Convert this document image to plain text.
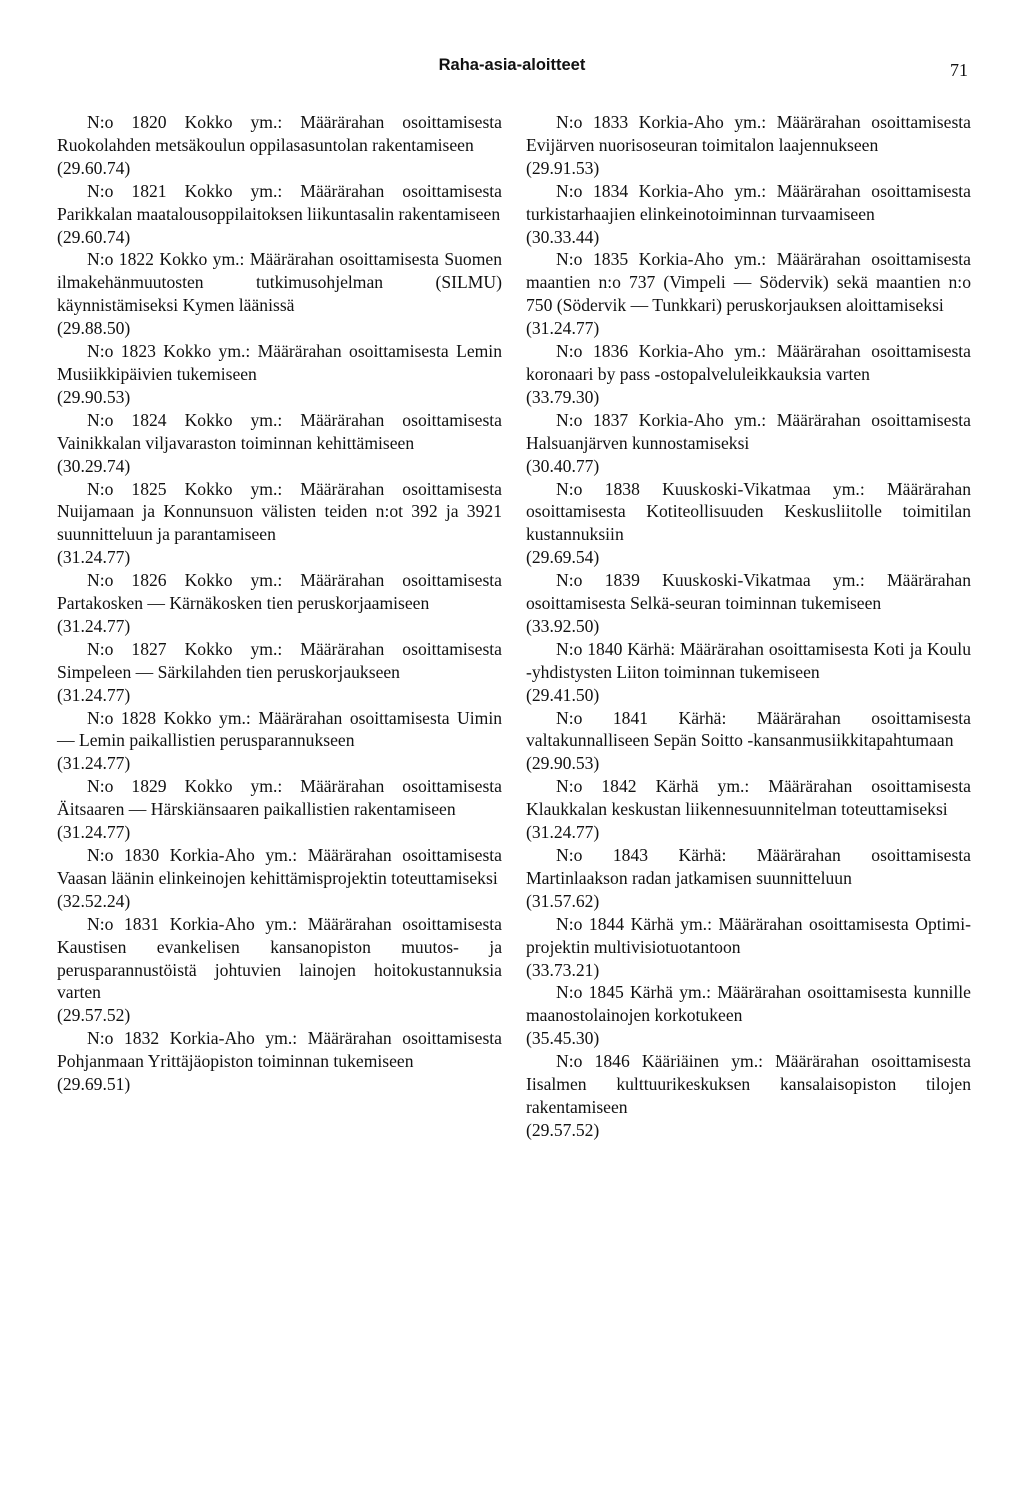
Raha-asia-aloitteet	71
N:o 1820 Kokko ym.: Määrärahan osoittamisesta Ruokolahden metsäkoulun oppilasasuntolan rakentamiseen
(29.60.74)
N:o 1821 Kokko ym.: Määrärahan osoittamisesta Parikkalan maatalousoppilaitoksen liikuntasalin rakentamiseen
(29.60.74)
N:o 1822 Kokko ym.: Määrärahan osoittamisesta Suomen ilmakehänmuutosten tutkimusohjelman (SILMU) käynnistämiseksi Kymen läänissä
(29.88.50)
N:o 1823 Kokko ym.: Määrärahan osoittamisesta Lemin Musiikkipäivien tukemiseen
(29.90.53)
N:o 1824 Kokko ym.: Määrärahan osoittamisesta Vainikkalan viljavaraston toiminnan kehittämiseen
(30.29.74)
N:o 1825 Kokko ym.: Määrärahan osoittamisesta Nuijamaan ja Konnunsuon välisten teiden n:ot 392 ja 3921 suunnitteluun ja parantamiseen
(31.24.77)
N:o 1826 Kokko ym.: Määrärahan osoittamisesta Partakosken — Kärnäkosken tien peruskorjaamiseen
(31.24.77)
N:o 1827 Kokko ym.: Määrärahan osoittamisesta Simpeleen — Särkilahden tien peruskorjaukseen
(31.24.77)
N:o 1828 Kokko ym.: Määrärahan osoittamisesta Uimin — Lemin paikallistien perusparannukseen
(31.24.77)
N:o 1829 Kokko ym.: Määrärahan osoittamisesta Äitsaaren — Härskiänsaaren paikallistien rakentamiseen
(31.24.77)
N:o 1830 Korkia-Aho ym.: Määrärahan osoittamisesta Vaasan läänin elinkeinojen kehittämisprojektin toteuttamiseksi
(32.52.24)
N:o 1831 Korkia-Aho ym.: Määrärahan osoittamisesta Kaustisen evankelisen kansanopiston muutos- ja perusparannustöistä johtuvien lainojen hoitokustannuksia varten
(29.57.52)
N:o 1832 Korkia-Aho ym.: Määrärahan osoittamisesta Pohjanmaan Yrittäjäopiston toiminnan tukemiseen
(29.69.51)
N:o 1833 Korkia-Aho ym.: Määrärahan osoittamisesta Evijärven nuorisoseuran toimitalon laajennukseen
(29.91.53)
N:o 1834 Korkia-Aho ym.: Määrärahan osoittamisesta turkistarhaajien elinkeinotoiminnan turvaamiseen
(30.33.44)
N:o 1835 Korkia-Aho ym.: Määrärahan osoittamisesta maantien n:o 737 (Vimpeli — Södervik) sekä maantien n:o 750 (Södervik — Tunkkari) peruskorjauksen aloittamiseksi
(31.24.77)
N:o 1836 Korkia-Aho ym.: Määrärahan osoittamisesta koronaari by pass -ostopalveluleikkauksia varten
(33.79.30)
N:o 1837 Korkia-Aho ym.: Määrärahan osoittamisesta Halsuanjärven kunnostamiseksi
(30.40.77)
N:o 1838 Kuuskoski-Vikatmaa ym.: Määrärahan osoittamisesta Kotiteollisuuden Keskusliitolle toimitilan kustannuksiin
(29.69.54)
N:o 1839 Kuuskoski-Vikatmaa ym.: Määrärahan osoittamisesta Selkä-seuran toiminnan tukemiseen
(33.92.50)
N:o 1840 Kärhä: Määrärahan osoittamisesta Koti ja Koulu -yhdistysten Liiton toiminnan tukemiseen
(29.41.50)
N:o 1841 Kärhä: Määrärahan osoittamisesta valtakunnalliseen Sepän Soitto -kansanmusiikkitapahtumaan
(29.90.53)
N:o 1842 Kärhä ym.: Määrärahan osoittamisesta Klaukkalan keskustan liikennesuunnitelman toteuttamiseksi
(31.24.77)
N:o 1843 Kärhä: Määrärahan osoittamisesta Martinlaakson radan jatkamisen suunnitteluun
(31.57.62)
N:o 1844 Kärhä ym.: Määrärahan osoittamisesta Optimi-projektin multivisiotuotantoon
(33.73.21)
N:o 1845 Kärhä ym.: Määrärahan osoittamisesta kunnille maanostolainojen korkotukeen
(35.45.30)
N:o 1846 Kääriäinen ym.: Määrärahan osoittamisesta Iisalmen kulttuurikeskuksen kansalaisopiston tilojen rakentamiseen
(29.57.52)
